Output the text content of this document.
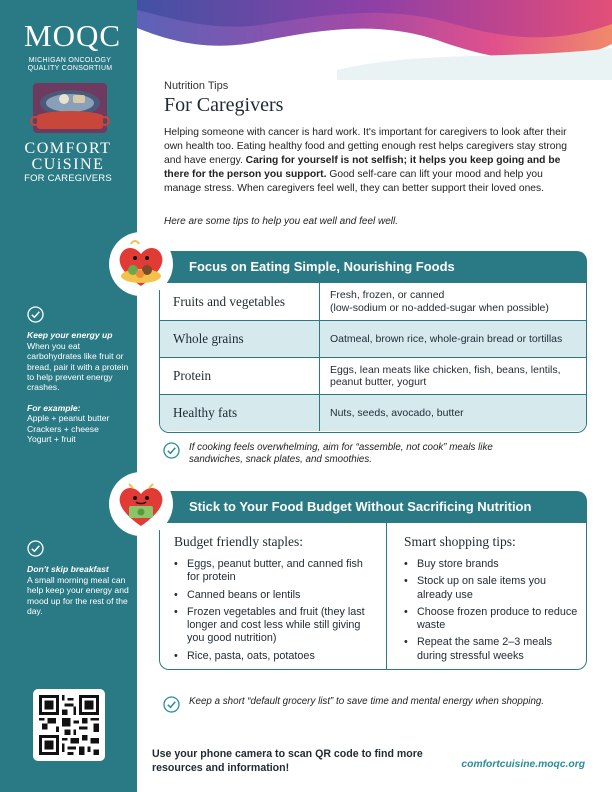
MOQC
MICHIGAN ONCOLOGY QUALITY CONSORTIUM
COMFORT
CUiSINE
FOR CAREGIVERS
Keep your energy up
When you eat carbohydrates like fruit or bread, pair it with a protein to help prevent energy crashes.
For example:
Apple + peanut butter
Crackers + cheese
Yogurt + fruit
Don't skip breakfast
A small morning meal can help keep your energy and mood up for the rest of the day.
Nutrition Tips
For Caregivers
Helping someone with cancer is hard work. It's important for caregivers to look after their own health too. Eating healthy food and getting enough rest helps caregivers stay strong and have energy. Caring for yourself is not selfish; it helps you keep going and be there for the person you support. Good self-care can lift your mood and help you manage stress. When caregivers feel well, they can better support their loved ones.
Here are some tips to help you eat well and feel well.
Focus on Eating Simple, Nourishing Foods
Fruits and vegetables	Fresh, frozen, or canned
(low-sodium or no-added-sugar when possible)
Whole grains	Oatmeal, brown rice, whole-grain bread or tortillas
Protein	Eggs, lean meats like chicken, fish, beans, lentils, peanut butter, yogurt
Healthy fats	Nuts, seeds, avocado, butter

If cooking feels overwhelming, aim for “assemble, not cook” meals like sandwiches, snack plates, and smoothies.

Stick to Your Food Budget Without Sacrificing Nutrition
Budget friendly staples:
• Eggs, peanut butter, and canned fish for protein
• Canned beans or lentils
• Frozen vegetables and fruit (they last longer and cost less while still giving you good nutrition)
• Rice, pasta, oats, potatoes
Smart shopping tips:
• Buy store brands
• Stock up on sale items you already use
• Choose frozen produce to reduce waste
• Repeat the same 2–3 meals during stressful weeks

Keep a short “default grocery list” to save time and mental energy when shopping.

Use your phone camera to scan QR code to find more resources and information!	comfortcuisine.moqc.org
